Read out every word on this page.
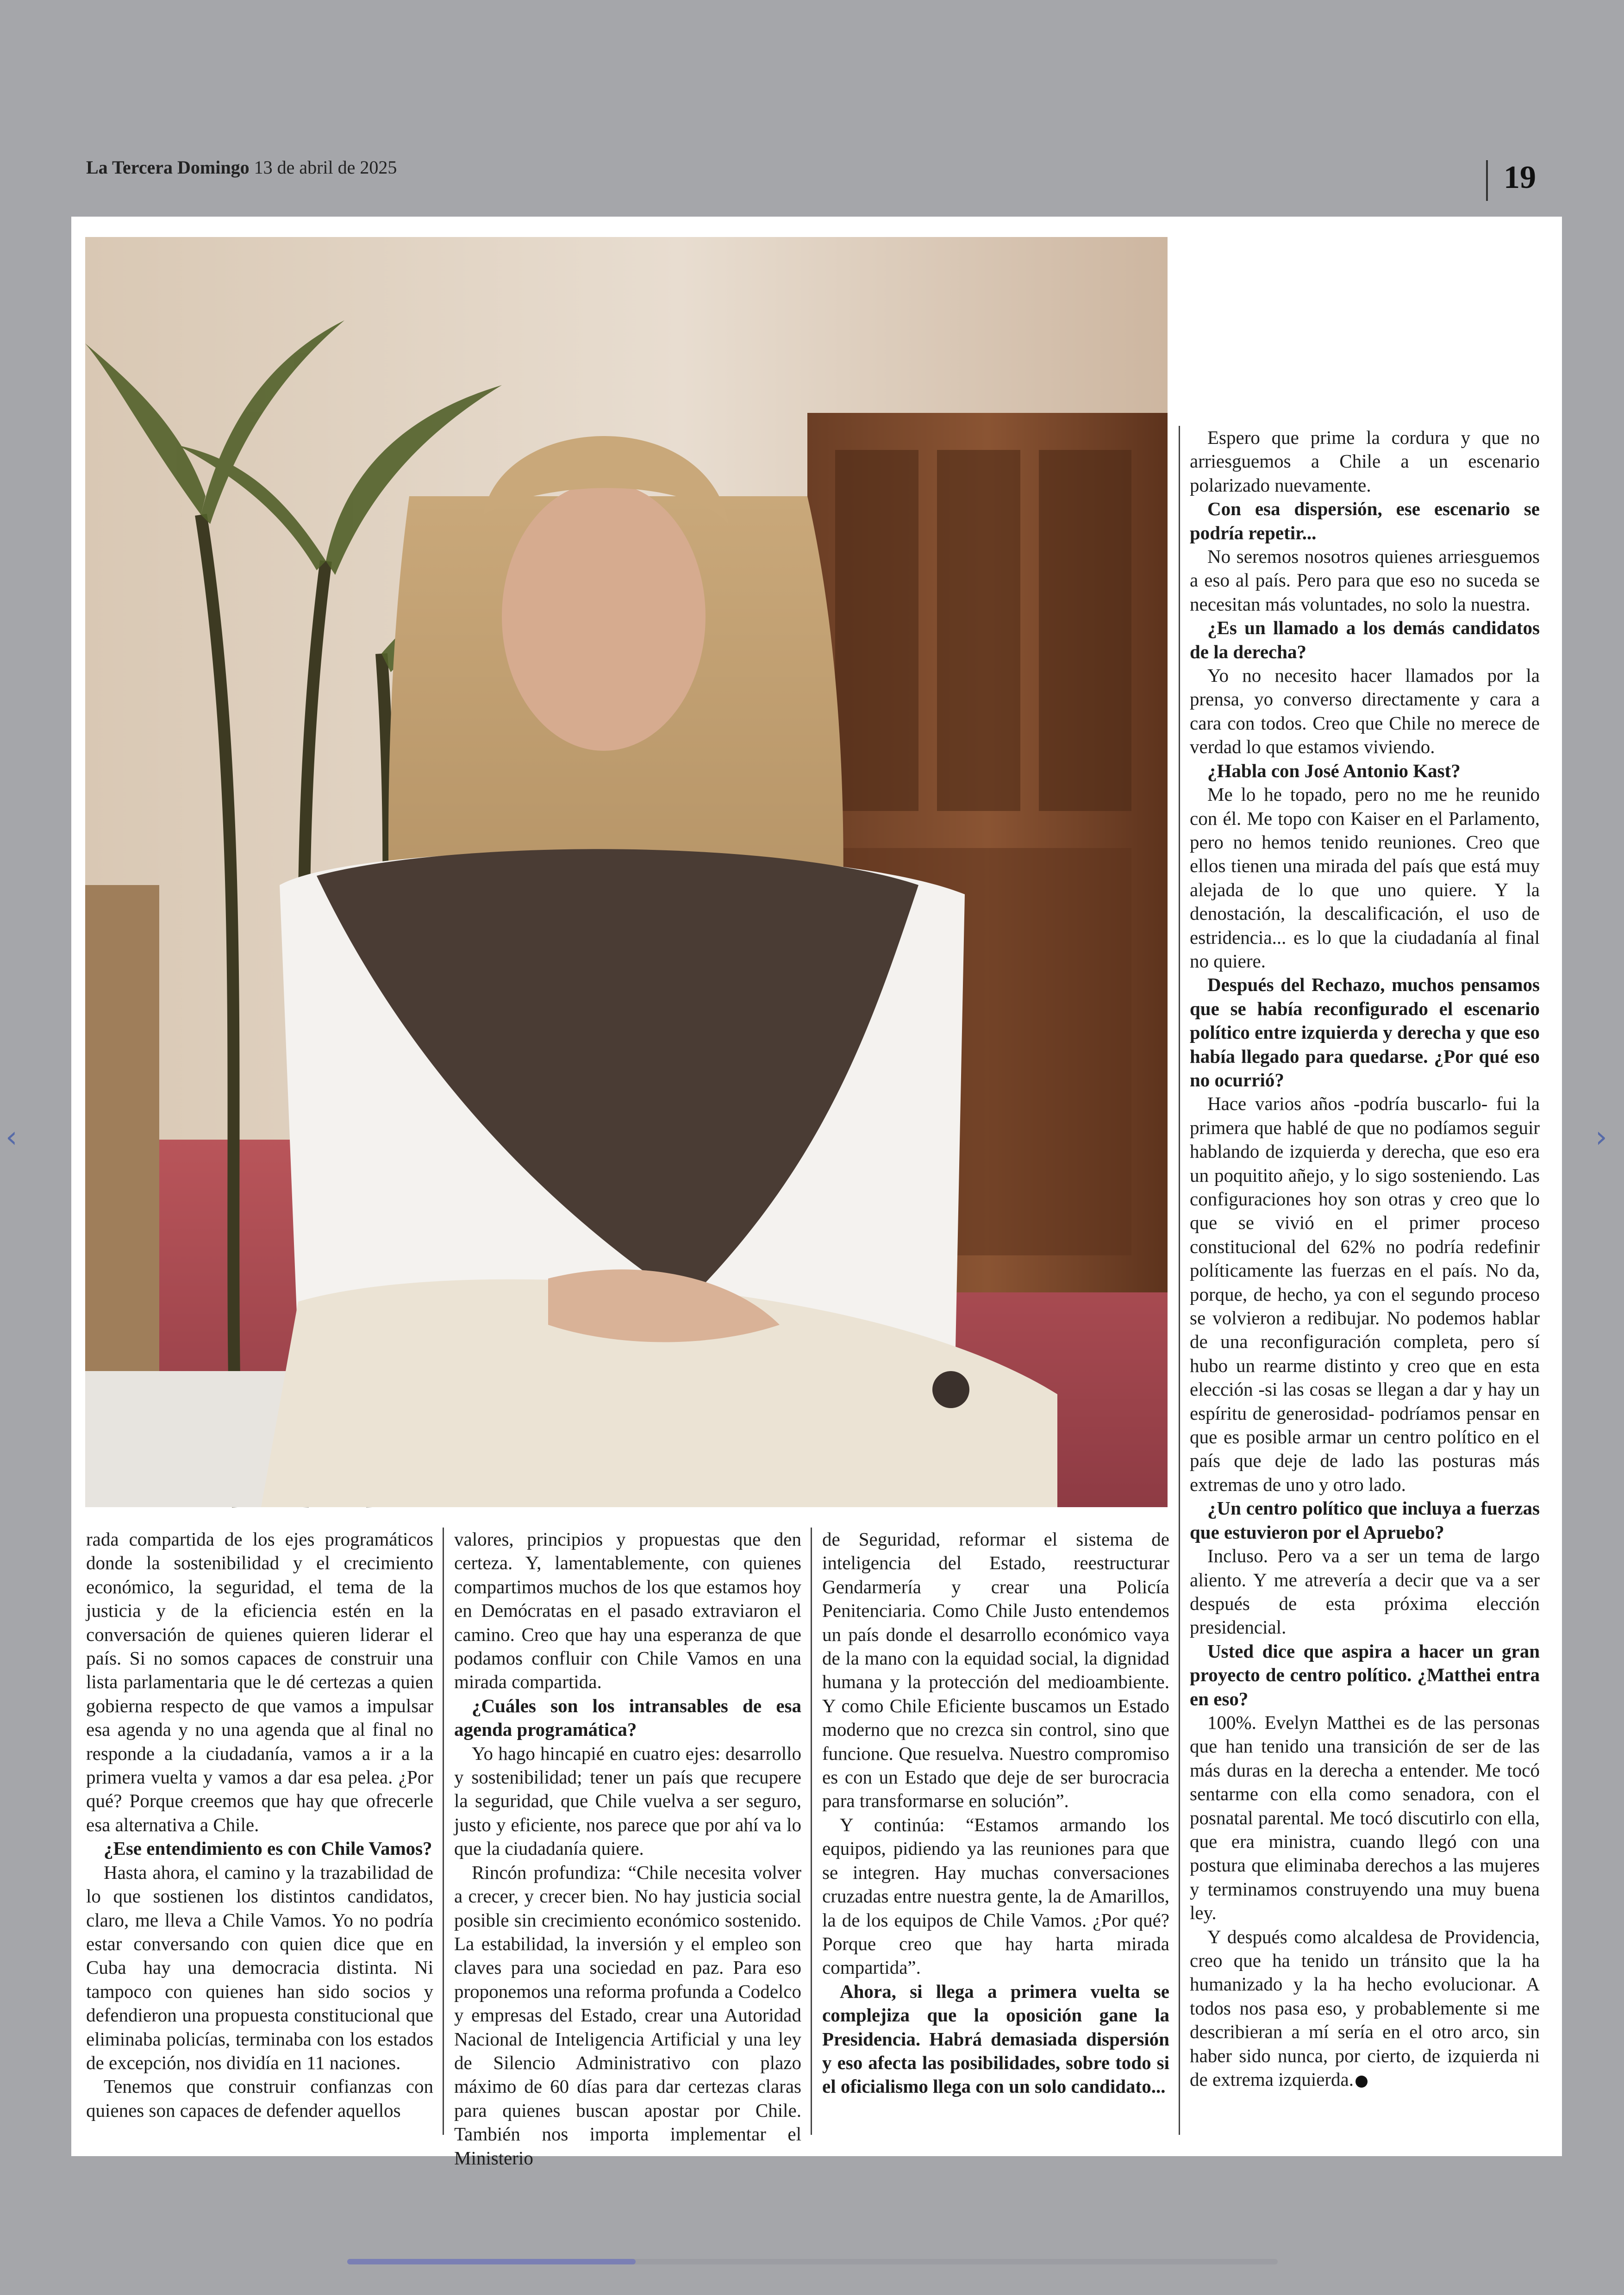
La Tercera Domingo 13 de abril de 2025	19
‹	›

rada compartida de los ejes programáticos donde la sostenibilidad y el crecimiento económico, la seguridad, el tema de la justicia y de la eficiencia estén en la conversación de quienes quieren liderar el país. Si no somos capaces de construir una lista parlamentaria que le dé certezas a quien gobierna respecto de que vamos a impulsar esa agenda y no una agenda que al final no responde a la ciudadanía, vamos a ir a la primera vuelta y vamos a dar esa pelea. ¿Por qué? Porque creemos que hay que ofrecerle esa alternativa a Chile.

¿Ese entendimiento es con Chile Vamos?

Hasta ahora, el camino y la trazabilidad de lo que sostienen los distintos candidatos, claro, me lleva a Chile Vamos. Yo no podría estar conversando con quien dice que en Cuba hay una democracia distinta. Ni tampoco con quienes han sido socios y defendieron una propuesta constitucional que eliminaba policías, terminaba con los estados de excepción, nos dividía en 11 naciones.

Tenemos que construir confianzas con quienes son capaces de defender aquellos

valores, principios y propuestas que den certeza. Y, lamentablemente, con quienes compartimos muchos de los que estamos hoy en Demócratas en el pasado extraviaron el camino. Creo que hay una esperanza de que podamos confluir con Chile Vamos en una mirada compartida.

¿Cuáles son los intransables de esa agenda programática?

Yo hago hincapié en cuatro ejes: desarrollo y sostenibilidad; tener un país que recupere la seguridad, que Chile vuelva a ser seguro, justo y eficiente, nos parece que por ahí va lo que la ciudadanía quiere.

Rincón profundiza: “Chile necesita volver a crecer, y crecer bien. No hay justicia social posible sin crecimiento económico sostenido. La estabilidad, la inversión y el empleo son claves para una sociedad en paz. Para eso proponemos una reforma profunda a Codelco y empresas del Estado, crear una Autoridad Nacional de Inteligencia Artificial y una ley de Silencio Administrativo con plazo máximo de 60 días para dar certezas claras para quienes buscan apostar por Chile. También nos importa implementar el Ministerio

de Seguridad, reformar el sistema de inteligencia del Estado, reestructurar Gendarmería y crear una Policía Penitenciaria. Como Chile Justo entendemos un país donde el desarrollo económico vaya de la mano con la equidad social, la dignidad humana y la protección del medioambiente. Y como Chile Eficiente buscamos un Estado moderno que no crezca sin control, sino que funcione. Que resuelva. Nuestro compromiso es con un Estado que deje de ser burocracia para transformarse en solución”.

Y continúa: “Estamos armando los equipos, pidiendo ya las reuniones para que se integren. Hay muchas conversaciones cruzadas entre nuestra gente, la de Amarillos, la de los equipos de Chile Vamos. ¿Por qué? Porque creo que hay harta mirada compartida”.

Ahora, si llega a primera vuelta se complejiza que la oposición gane la Presidencia. Habrá demasiada dispersión y eso afecta las posibilidades, sobre todo si el oficialismo llega con un solo candidato...

Espero que prime la cordura y que no arriesguemos a Chile a un escenario polarizado nuevamente.

Con esa dispersión, ese escenario se podría repetir...

No seremos nosotros quienes arriesguemos a eso al país. Pero para que eso no suceda se necesitan más voluntades, no solo la nuestra.

¿Es un llamado a los demás candidatos de la derecha?

Yo no necesito hacer llamados por la prensa, yo converso directamente y cara a cara con todos. Creo que Chile no merece de verdad lo que estamos viviendo.

¿Habla con José Antonio Kast?

Me lo he topado, pero no me he reunido con él. Me topo con Kaiser en el Parlamento, pero no hemos tenido reuniones. Creo que ellos tienen una mirada del país que está muy alejada de lo que uno quiere. Y la denostación, la descalificación, el uso de estridencia... es lo que la ciudadanía al final no quiere.

Después del Rechazo, muchos pensamos que se había reconfigurado el escenario político entre izquierda y derecha y que eso había llegado para quedarse. ¿Por qué eso no ocurrió?

Hace varios años -podría buscarlo- fui la primera que hablé de que no podíamos seguir hablando de izquierda y derecha, que eso era un poquitito añejo, y lo sigo sosteniendo. Las configuraciones hoy son otras y creo que lo que se vivió en el primer proceso constitucional del 62% no podría redefinir políticamente las fuerzas en el país. No da, porque, de hecho, ya con el segundo proceso se volvieron a redibujar. No podemos hablar de una reconfiguración completa, pero sí hubo un rearme distinto y creo que en esta elección -si las cosas se llegan a dar y hay un espíritu de generosidad- podríamos pensar en que es posible armar un centro político en el país que deje de lado las posturas más extremas de uno y otro lado.

¿Un centro político que incluya a fuerzas que estuvieron por el Apruebo?

Incluso. Pero va a ser un tema de largo aliento. Y me atrevería a decir que va a ser después de esta próxima elección presidencial.

Usted dice que aspira a hacer un gran proyecto de centro político. ¿Matthei entra en eso?

100%. Evelyn Matthei es de las personas que han tenido una transición de ser de las más duras en la derecha a entender. Me tocó sentarme con ella como senadora, con el posnatal parental. Me tocó discutirlo con ella, que era ministra, cuando llegó con una postura que eliminaba derechos a las mujeres y terminamos construyendo una muy buena ley.

Y después como alcaldesa de Providencia, creo que ha tenido un tránsito que la ha humanizado y la ha hecho evolucionar. A todos nos pasa eso, y probablemente si me describieran a mí sería en el otro arco, sin haber sido nunca, por cierto, de izquierda ni de extrema izquierda.
